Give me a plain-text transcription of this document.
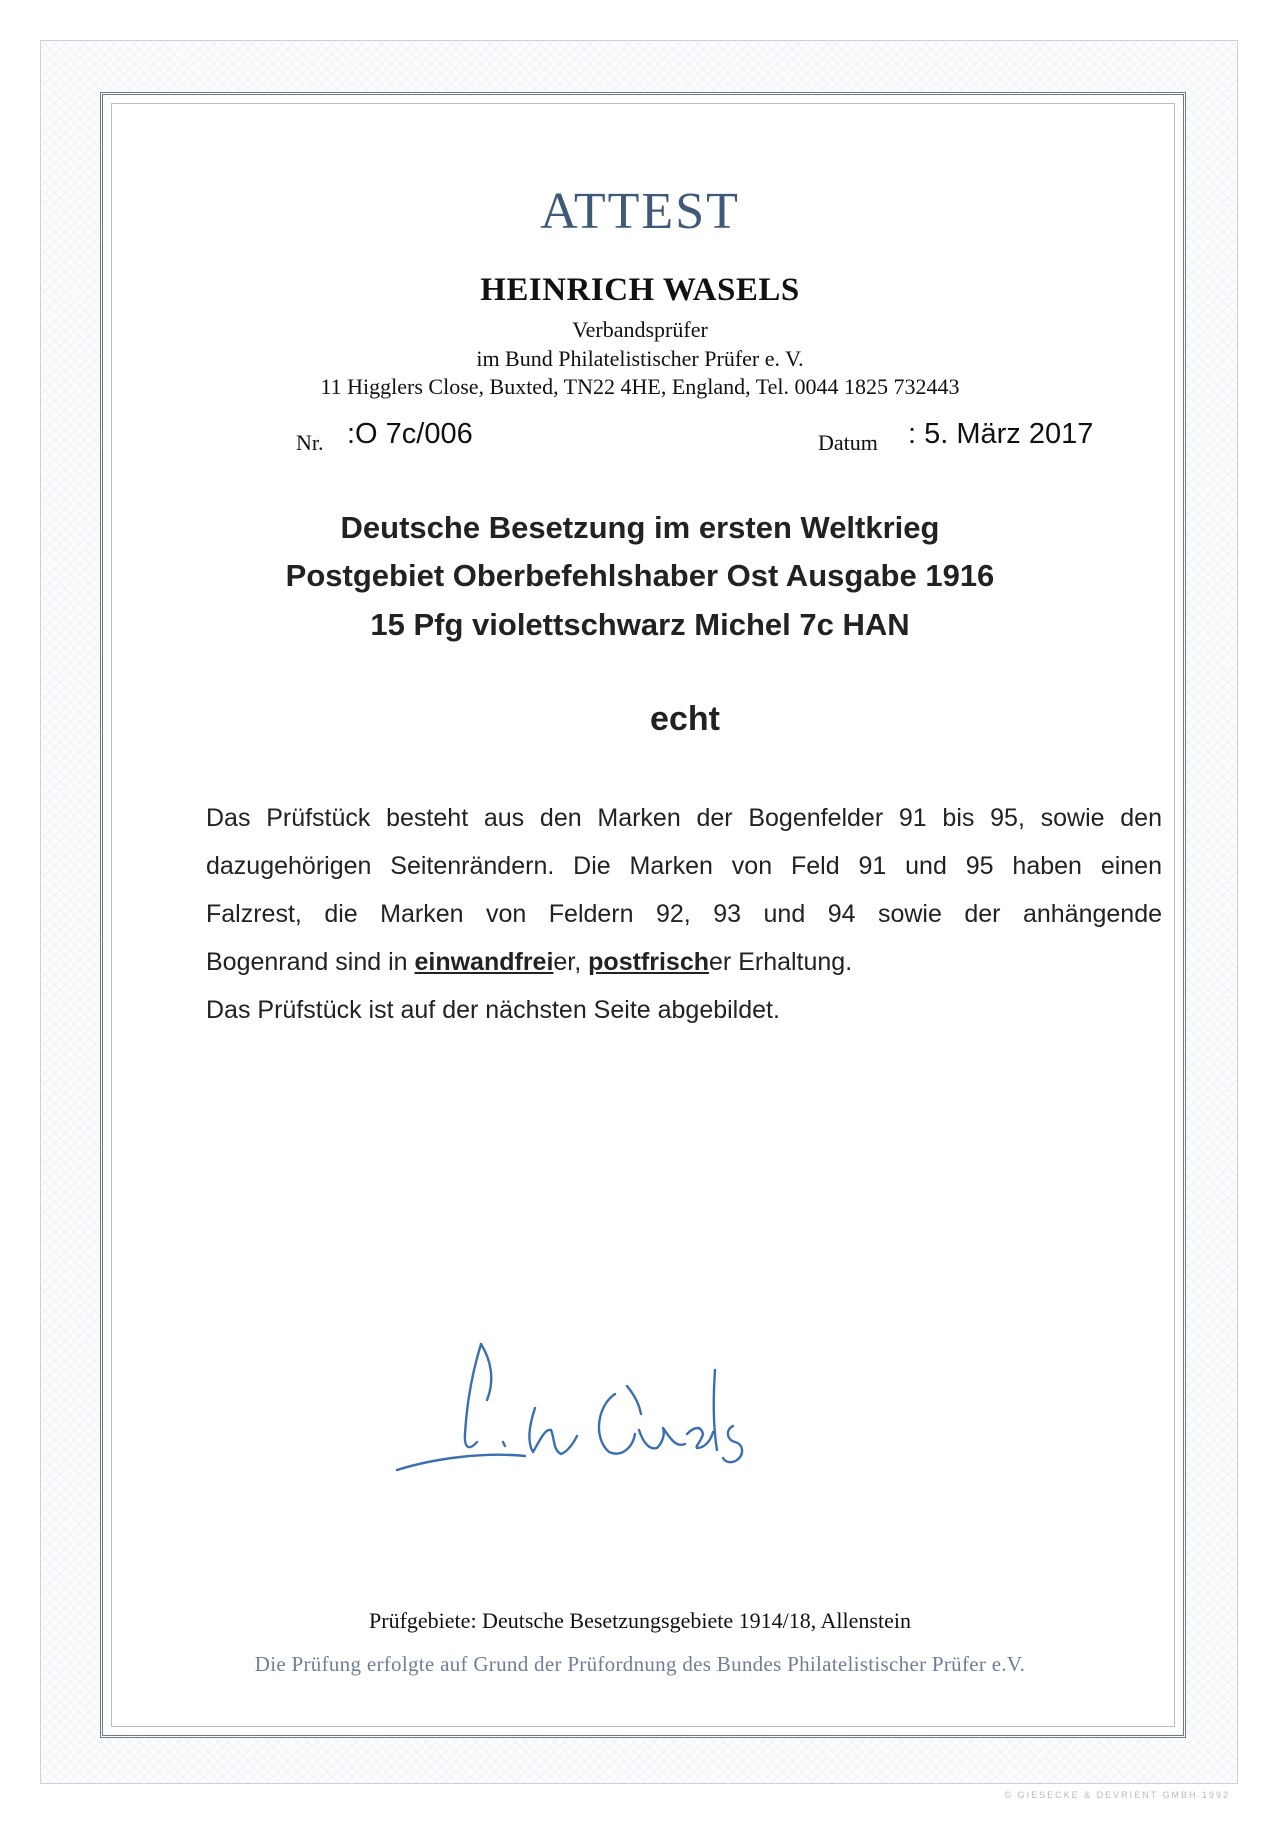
ATTEST
HEINRICH WASELS
Verbandsprüfer
im Bund Philatelistischer Prüfer e. V.
11 Higglers Close, Buxted, TN22 4HE, England, Tel. 0044 1825 732443
Nr. :O 7c/006	Datum : 5. März 2017
Deutsche Besetzung im ersten Weltkrieg
Postgebiet Oberbefehlshaber Ost Ausgabe 1916
15 Pfg violettschwarz Michel 7c HAN
echt
Das Prüfstück besteht aus den Marken der Bogenfelder 91 bis 95, sowie den
dazugehörigen Seitenrändern. Die Marken von Feld 91 und 95 haben einen
Falzrest, die Marken von Feldern 92, 93 und 94 sowie der anhängende
Bogenrand sind in einwandfreier, postfrischer Erhaltung.
Das Prüfstück ist auf der nächsten Seite abgebildet.
Prüfgebiete: Deutsche Besetzungsgebiete 1914/18, Allenstein
Die Prüfung erfolgte auf Grund der Prüfordnung des Bundes Philatelistischer Prüfer e.V.
© GIESECKE & DEVRIENT GMBH 1992
